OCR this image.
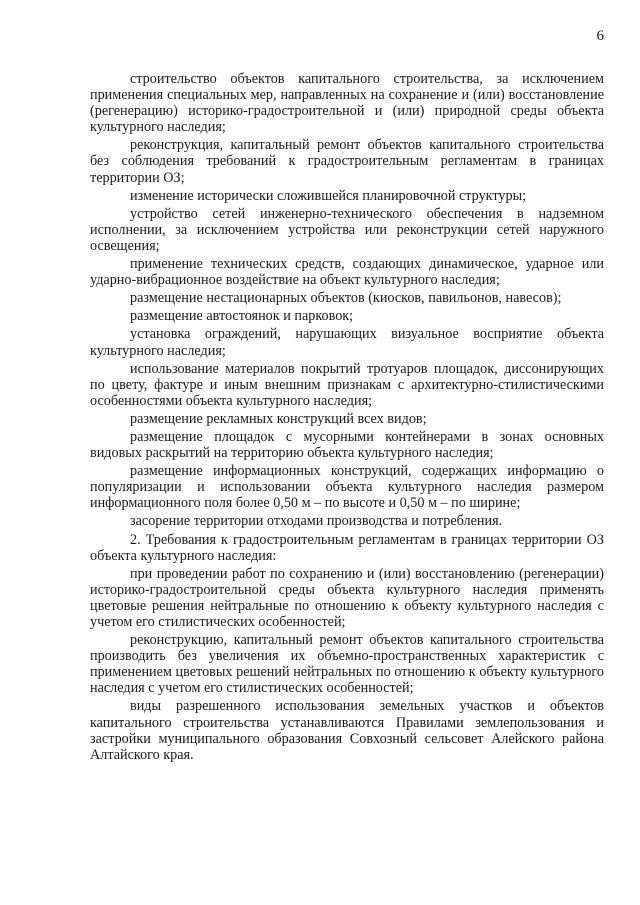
6

строительство объектов капитального строительства, за исключением применения специальных мер, направленных на сохранение и (или) восстановление (регенерацию) историко-градостроительной и (или) природной среды объекта культурного наследия;

реконструкция, капитальный ремонт объектов капитального строительства без соблюдения требований к градостроительным регламентам в границах территории ОЗ;

изменение исторически сложившейся планировочной структуры;

устройство сетей инженерно-технического обеспечения в надземном исполнении, за исключением устройства или реконструкции сетей наружного освещения;

применение технических средств, создающих динамическое, ударное или ударно-вибрационное воздействие на объект культурного наследия;

размещение нестационарных объектов (киосков, павильонов, навесов);

размещение автостоянок и парковок;

установка ограждений, нарушающих визуальное восприятие объекта культурного наследия;

использование материалов покрытий тротуаров площадок, диссонирующих по цвету, фактуре и иным внешним признакам с архитектурно-стилистическими особенностями объекта культурного наследия;

размещение рекламных конструкций всех видов;

размещение площадок с мусорными контейнерами в зонах основных видовых раскрытий на территорию объекта культурного наследия;

размещение информационных конструкций, содержащих информацию о популяризации и использовании объекта культурного наследия размером информационного поля более 0,50 м – по высоте и 0,50 м – по ширине;

засорение территории отходами производства и потребления.

2. Требования к градостроительным регламентам в границах территории ОЗ объекта культурного наследия:

при проведении работ по сохранению и (или) восстановлению (регенерации) историко-градостроительной среды объекта культурного наследия применять цветовые решения нейтральные по отношению к объекту культурного наследия с учетом его стилистических особенностей;

реконструкцию, капитальный ремонт объектов капитального строительства производить без увеличения их объемно-пространственных характеристик с применением цветовых решений нейтральных по отношению к объекту культурного наследия с учетом его стилистических особенностей;

виды разрешенного использования земельных участков и объектов капитального строительства устанавливаются Правилами землепользования и застройки муниципального образования Совхозный сельсовет Алейского района Алтайского края.
